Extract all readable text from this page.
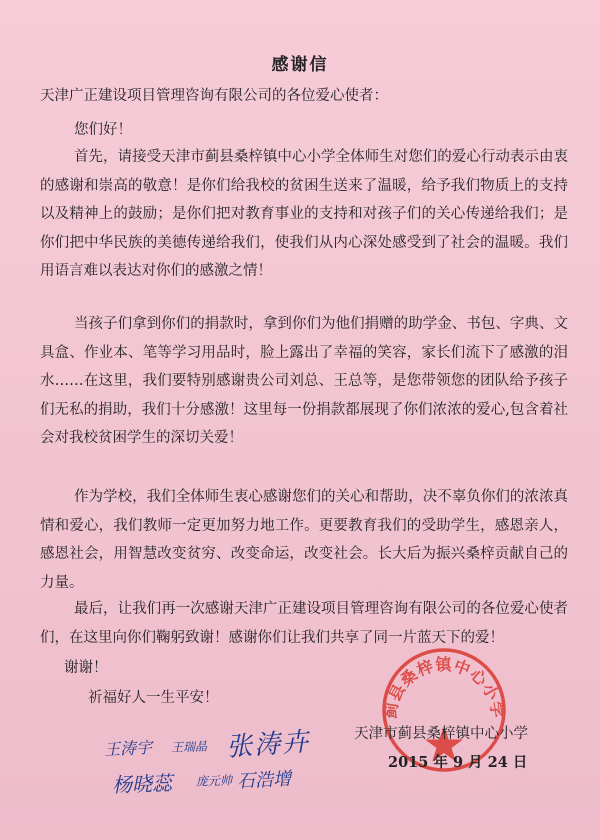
感谢信
天津广正建设项目管理咨询有限公司的各位爱心使者：
您们好！

首先，请接受天津市蓟县桑梓镇中心小学全体师生对您们的爱心行动表示由衷的感谢和崇高的敬意！是你们给我校的贫困生送来了温暖，给予我们物质上的支持以及精神上的鼓励；是你们把对教育事业的支持和对孩子们的关心传递给我们；是你们把中华民族的美德传递给我们，使我们从内心深处感受到了社会的温暖。我们用语言难以表达对你们的感激之情！

当孩子们拿到你们的捐款时，拿到你们为他们捐赠的助学金、书包、字典、文具盒、作业本、笔等学习用品时，脸上露出了幸福的笑容，家长们流下了感激的泪水……在这里，我们要特别感谢贵公司刘总、王总等，是您带领您的团队给予孩子们无私的捐助，我们十分感激！这里每一份捐款都展现了你们浓浓的爱心,包含着社会对我校贫困学生的深切关爱！

作为学校，我们全体师生衷心感谢您们的关心和帮助，决不辜负你们的浓浓真情和爱心，我们教师一定更加努力地工作。更要教育我们的受助学生，感恩亲人，感恩社会，用智慧改变贫穷、改变命运，改变社会。长大后为振兴桑梓贡献自己的力量。

最后，让我们再一次感谢天津广正建设项目管理咨询有限公司的各位爱心使者们，在这里向你们鞠躬致谢！感谢你们让我们共享了同一片蓝天下的爱！

谢谢！
祈福好人一生平安！
蓟县桑梓镇中心小学
天津市蓟县桑梓镇中心小学
2015 年 9 月 24 日
王涛宇 王瑞晶 张涛卉
杨晓蕊 庞元帅 石浩增
